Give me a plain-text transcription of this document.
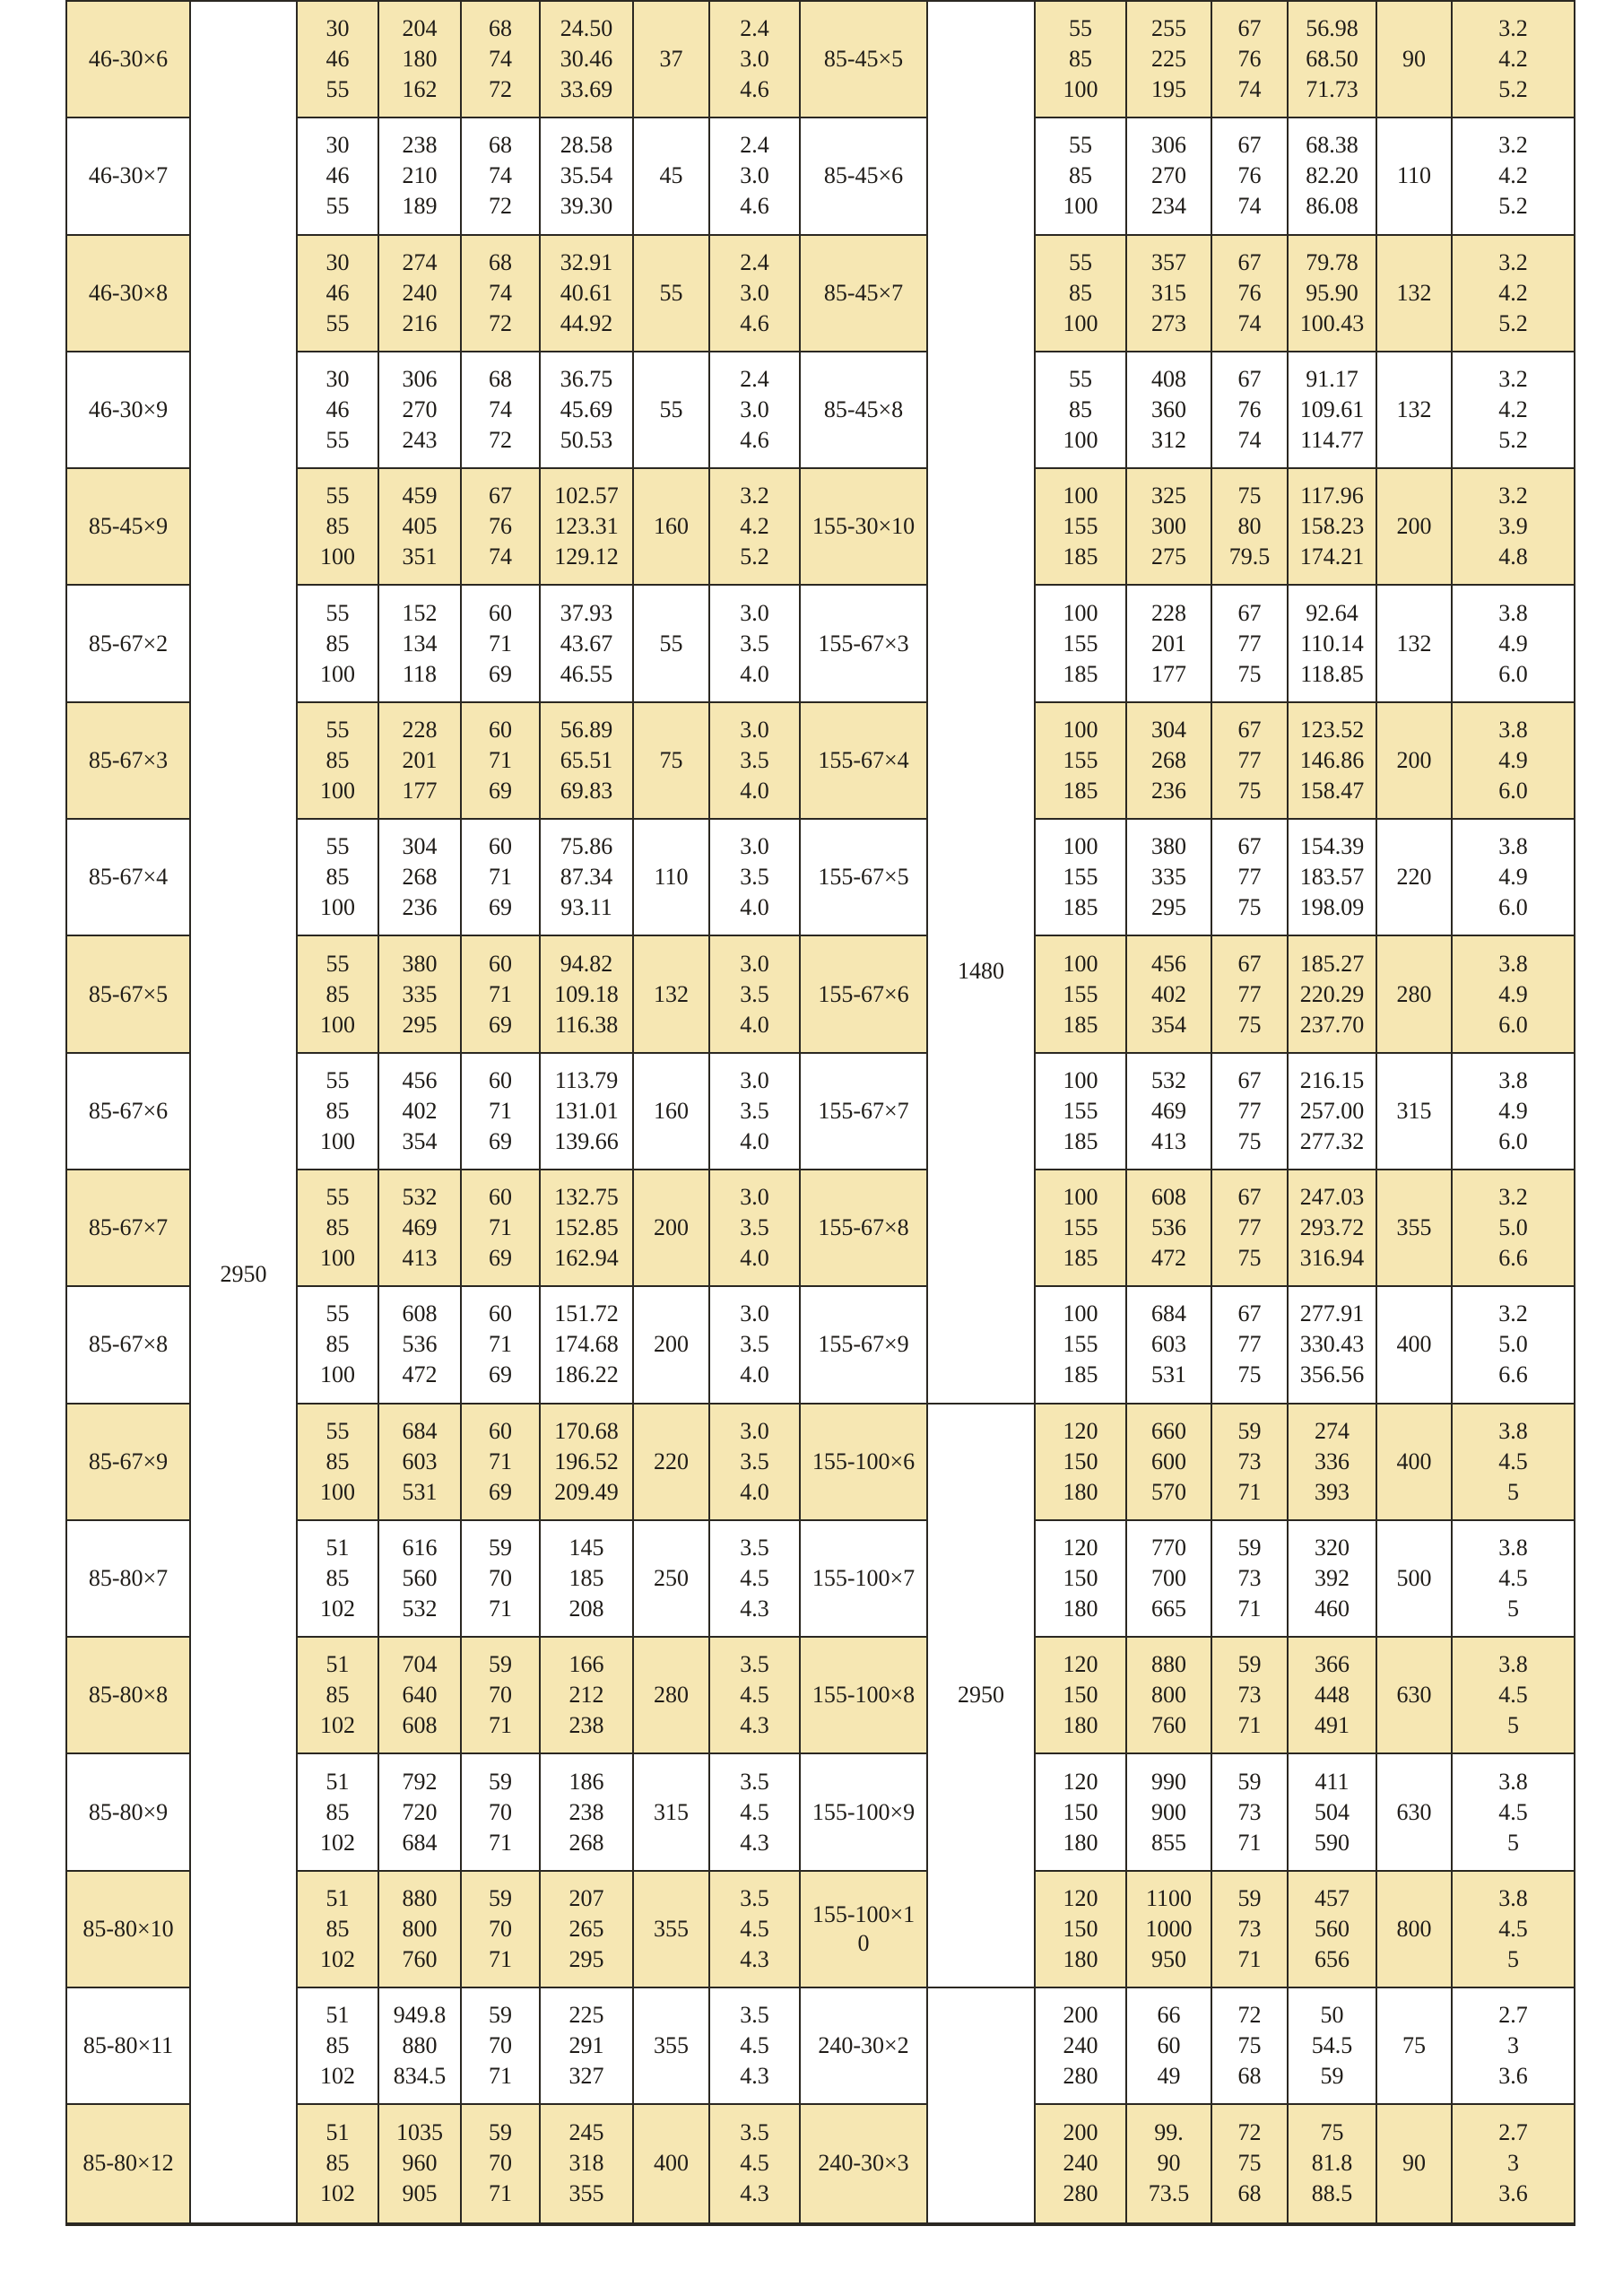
46-30×6
30
46
55
204
180
162
68
74
72
24.50
30.46
33.69
37
2.4
3.0
4.6
46-30×7
30
46
55
238
210
189
68
74
72
28.58
35.54
39.30
45
2.4
3.0
4.6
46-30×8
30
46
55
274
240
216
68
74
72
32.91
40.61
44.92
55
2.4
3.0
4.6
46-30×9
30
46
55
306
270
243
68
74
72
36.75
45.69
50.53
55
2.4
3.0
4.6
85-45×9
55
85
100
459
405
351
67
76
74
102.57
123.31
129.12
160
3.2
4.2
5.2
85-67×2
55
85
100
152
134
118
60
71
69
37.93
43.67
46.55
55
3.0
3.5
4.0
85-67×3
55
85
100
228
201
177
60
71
69
56.89
65.51
69.83
75
3.0
3.5
4.0
85-67×4
55
85
100
304
268
236
60
71
69
75.86
87.34
93.11
110
3.0
3.5
4.0
85-67×5
55
85
100
380
335
295
60
71
69
94.82
109.18
116.38
132
3.0
3.5
4.0
85-67×6
55
85
100
456
402
354
60
71
69
113.79
131.01
139.66
160
3.0
3.5
4.0
85-67×7
55
85
100
532
469
413
60
71
69
132.75
152.85
162.94
200
3.0
3.5
4.0
85-67×8
55
85
100
608
536
472
60
71
69
151.72
174.68
186.22
200
3.0
3.5
4.0
85-67×9
55
85
100
684
603
531
60
71
69
170.68
196.52
209.49
220
3.0
3.5
4.0
85-80×7
51
85
102
616
560
532
59
70
71
145
185
208
250
3.5
4.5
4.3
85-80×8
51
85
102
704
640
608
59
70
71
166
212
238
280
3.5
4.5
4.3
85-80×9
51
85
102
792
720
684
59
70
71
186
238
268
315
3.5
4.5
4.3
85-80×10
51
85
102
880
800
760
59
70
71
207
265
295
355
3.5
4.5
4.3
85-80×11
51
85
102
949.8
880
834.5
59
70
71
225
291
327
355
3.5
4.5
4.3
85-80×12
51
85
102
1035
960
905
59
70
71
245
318
355
400
3.5
4.5
4.3
85-45×5
55
85
100
255
225
195
67
76
74
56.98
68.50
71.73
90
3.2
4.2
5.2
85-45×6
55
85
100
306
270
234
67
76
74
68.38
82.20
86.08
110
3.2
4.2
5.2
85-45×7
55
85
100
357
315
273
67
76
74
79.78
95.90
100.43
132
3.2
4.2
5.2
85-45×8
55
85
100
408
360
312
67
76
74
91.17
109.61
114.77
132
3.2
4.2
5.2
155-30×10
100
155
185
325
300
275
75
80
79.5
117.96
158.23
174.21
200
3.2
3.9
4.8
155-67×3
100
155
185
228
201
177
67
77
75
92.64
110.14
118.85
132
3.8
4.9
6.0
155-67×4
100
155
185
304
268
236
67
77
75
123.52
146.86
158.47
200
3.8
4.9
6.0
155-67×5
100
155
185
380
335
295
67
77
75
154.39
183.57
198.09
220
3.8
4.9
6.0
155-67×6
100
155
185
456
402
354
67
77
75
185.27
220.29
237.70
280
3.8
4.9
6.0
155-67×7
100
155
185
532
469
413
67
77
75
216.15
257.00
277.32
315
3.8
4.9
6.0
155-67×8
100
155
185
608
536
472
67
77
75
247.03
293.72
316.94
355
3.2
5.0
6.6
155-67×9
100
155
185
684
603
531
67
77
75
277.91
330.43
356.56
400
3.2
5.0
6.6
155-100×6
120
150
180
660
600
570
59
73
71
274
336
393
400
3.8
4.5
5
155-100×7
120
150
180
770
700
665
59
73
71
320
392
460
500
3.8
4.5
5
155-100×8
120
150
180
880
800
760
59
73
71
366
448
491
630
3.8
4.5
5
155-100×9
120
150
180
990
900
855
59
73
71
411
504
590
630
3.8
4.5
5
155-100×10
120
150
180
1100
1000
950
59
73
71
457
560
656
800
3.8
4.5
5
240-30×2
200
240
280
66
60
49
72
75
68
50
54.5
59
75
2.7
3
3.6
240-30×3
200
240
280
99.
90
73.5
72
75
68
75
81.8
88.5
90
2.7
3
3.6
2950
1480
2950
